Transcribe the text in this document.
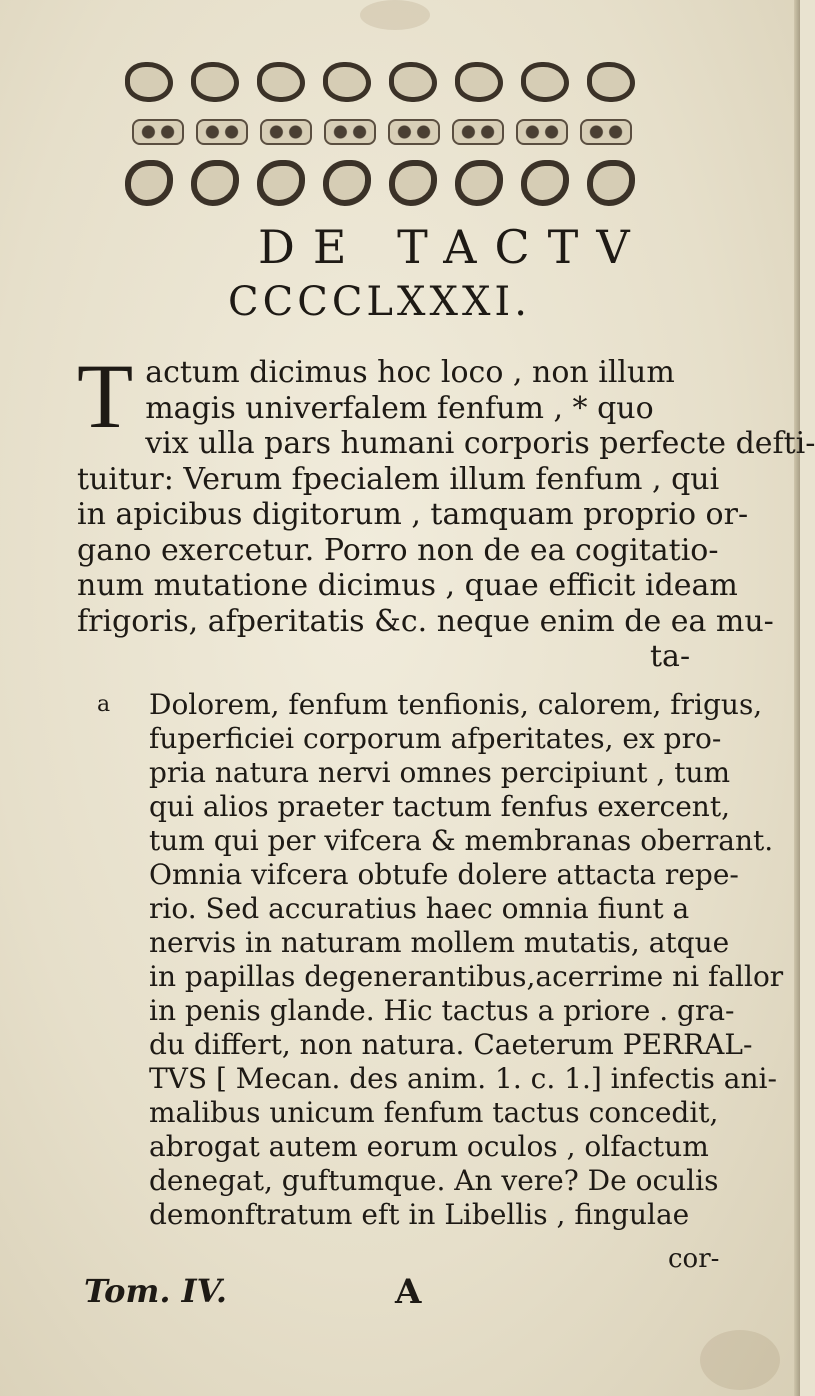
DE TACTV
CCCCLXXXI.
T actum dicimus hoc loco , non illum
magis univerfalem fenfum , * quo
vix ulla pars humani corporis perfecte defti-
tuitur: Verum fpecialem illum fenfum , qui
in apicibus digitorum , tamquam proprio or-
gano exercetur. Porro non de ea cogitatio-
num mutatione dicimus , quae efficit ideam
frigoris, afperitatis &c. neque enim de ea mu-
ta-
a Dolorem, fenfum tenfionis, calorem, frigus,
fuperficiei corporum afperitates, ex pro-
pria natura nervi omnes percipiunt , tum
qui alios praeter tactum fenfus exercent,
tum qui per vifcera & membranas oberrant.
Omnia vifcera obtufe dolere attacta repe-
rio. Sed accuratius haec omnia fiunt a
nervis in naturam mollem mutatis, atque
in papillas degenerantibus,acerrime ni fallor
in penis glande. Hic tactus a priore . gra-
du differt, non natura. Caeterum PERRAL-
TVS [ Mecan. des anim. 1. c. 1.] infectis ani-
malibus unicum fenfum tactus concedit,
abrogat autem eorum oculos , olfactum
denegat, guftumque. An vere? De oculis
demonftratum eft in Libellis , fingulae
cor-
Tom. IV.	A
